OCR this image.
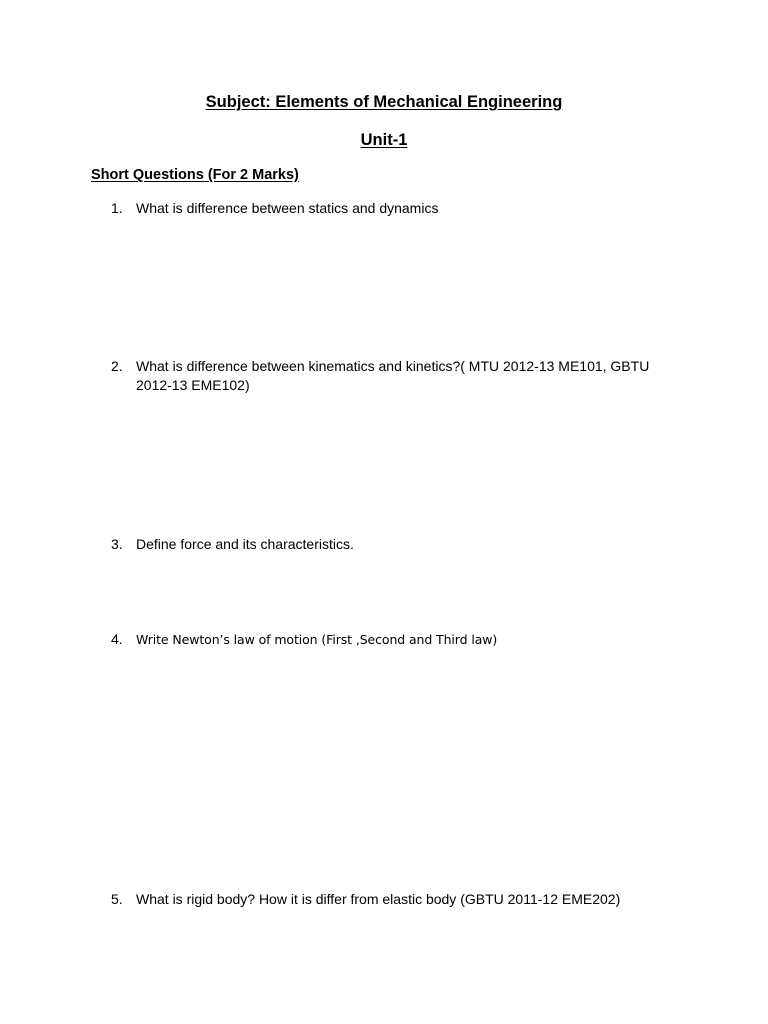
Subject: Elements of Mechanical Engineering
Unit-1
Short Questions (For 2 Marks)
1. What is difference between statics and dynamics
2. What is difference between kinematics and kinetics?( MTU 2012-13 ME101, GBTU 2012-13 EME102)
3. Define force and its characteristics.
4.	Write Newton’s law of motion (First ,Second and Third law)
5. What is rigid body? How it is differ from elastic body (GBTU 2011-12 EME202)
